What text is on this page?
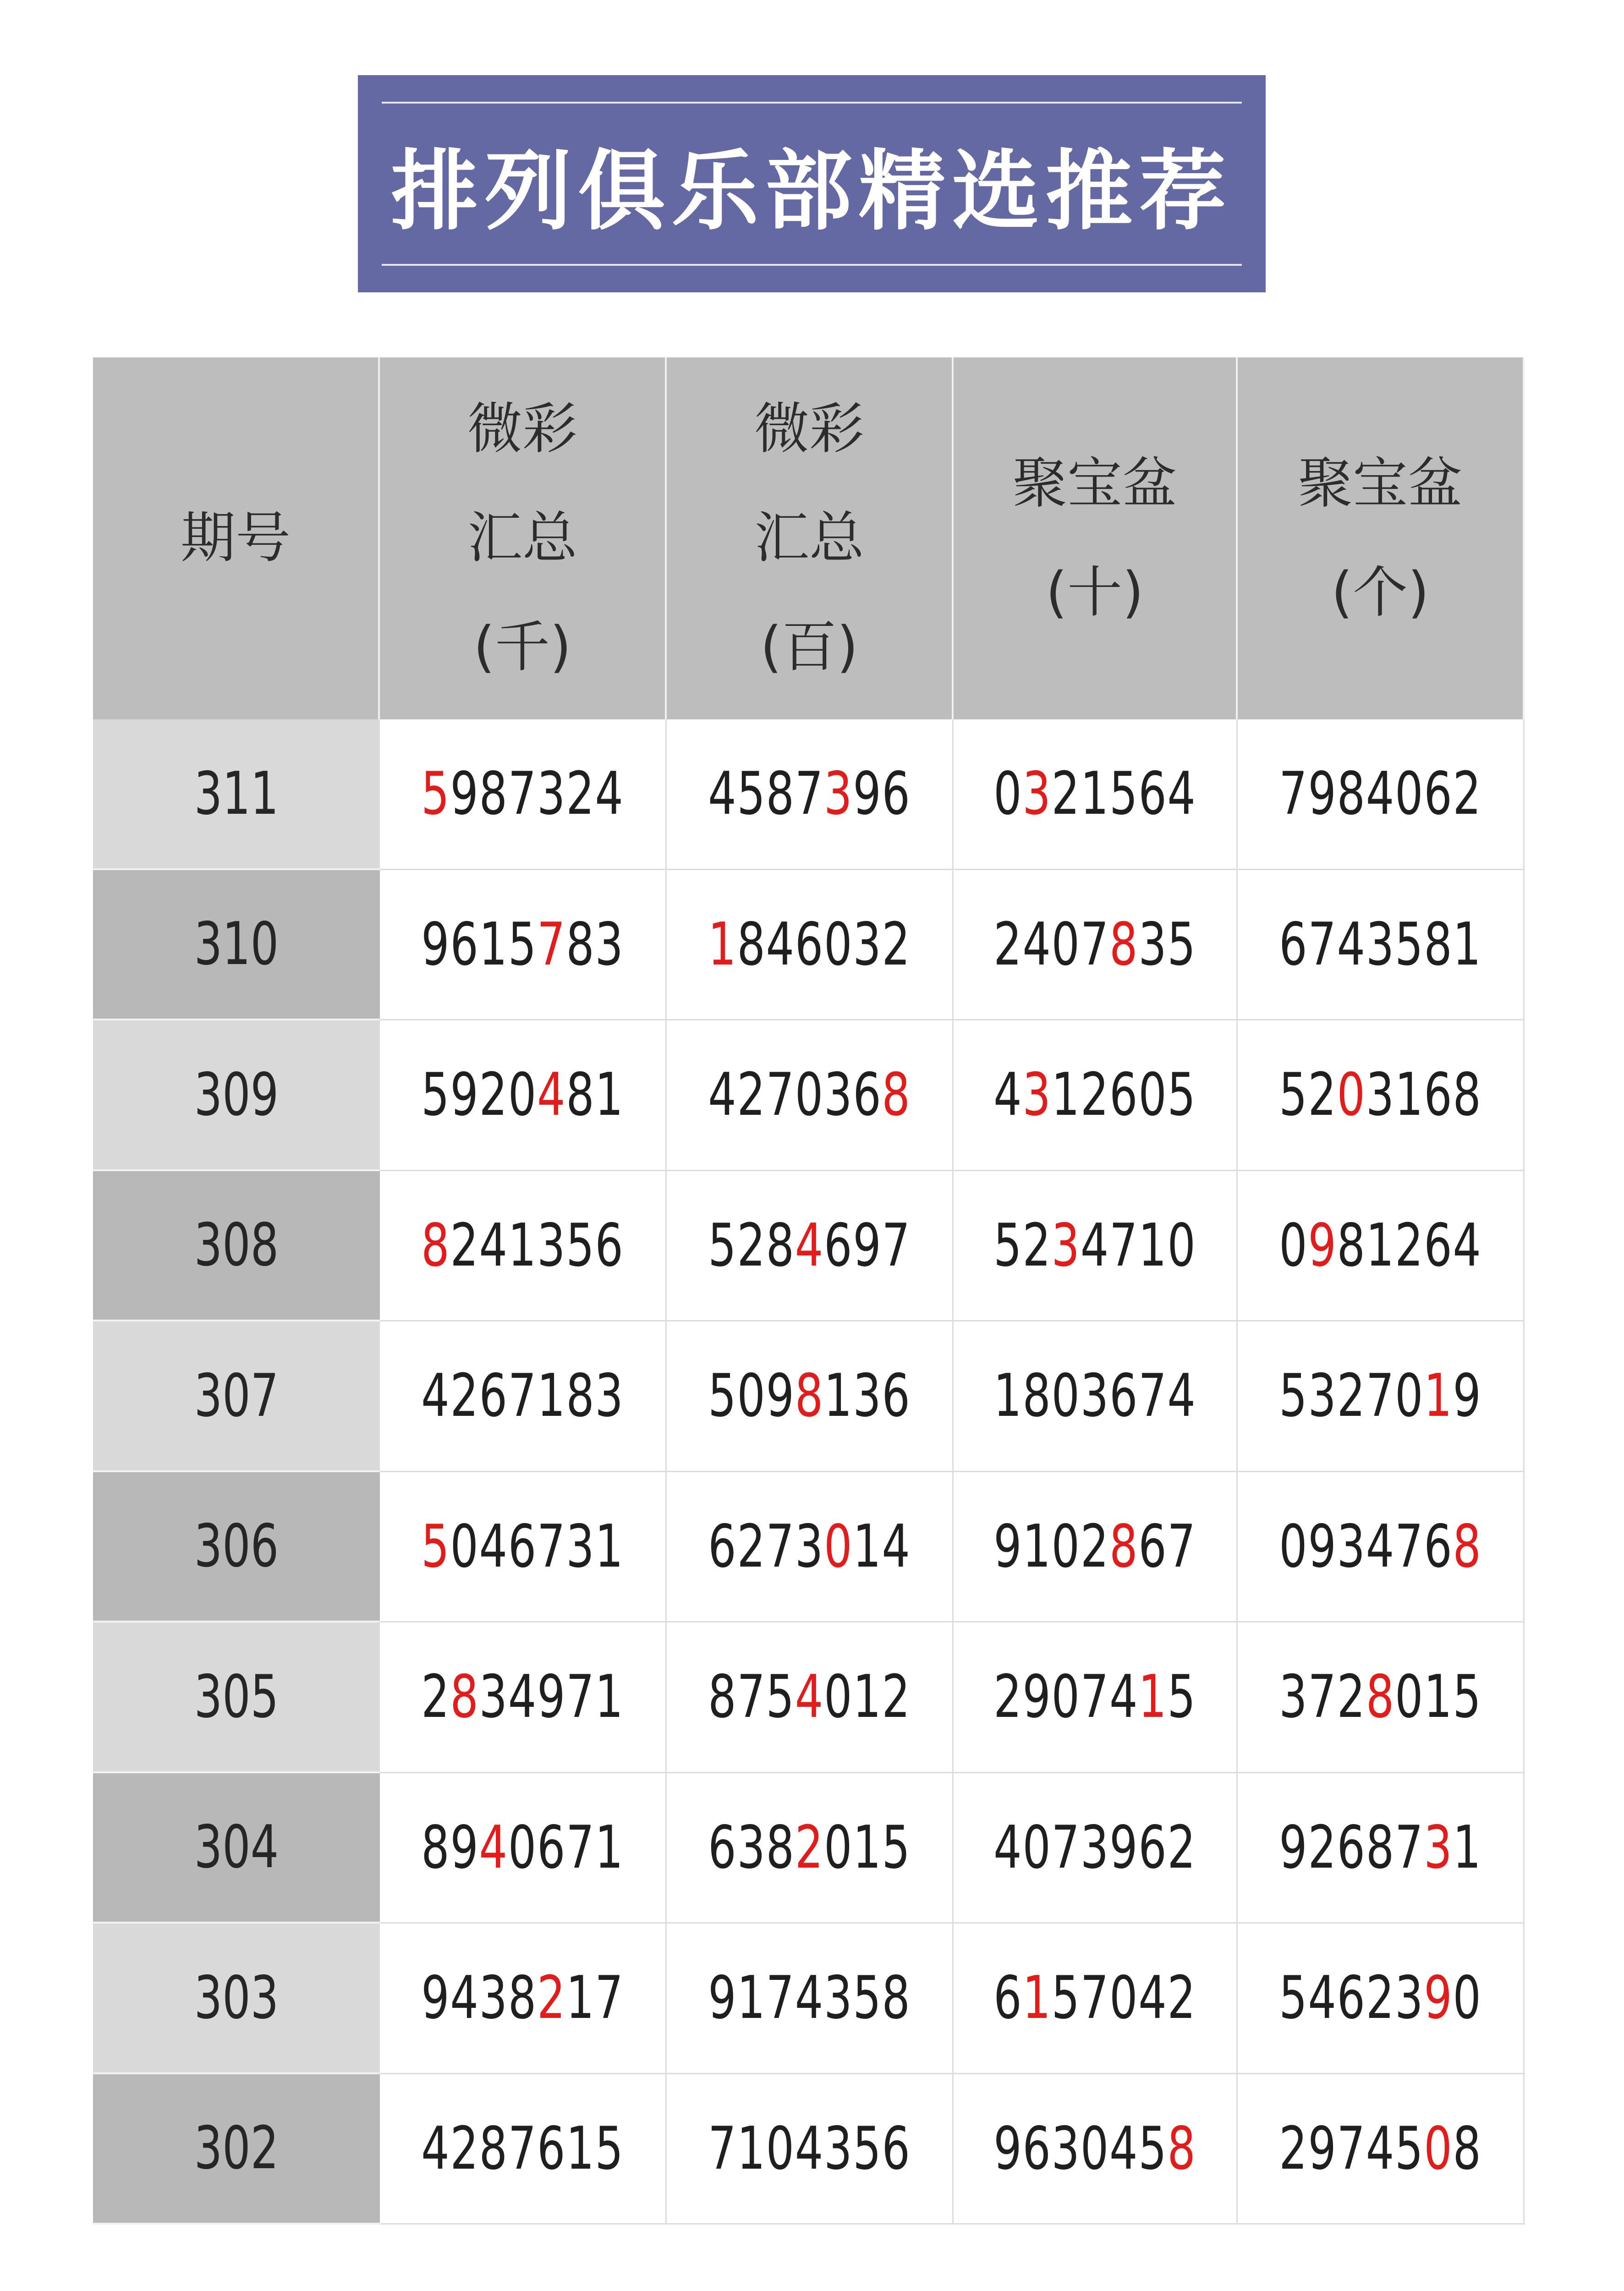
排列俱乐部精选推荐
期号
微彩
汇总
(千)
微彩
汇总
(百)
聚宝盆
(十)
聚宝盆
(个)
311 5987324 4587396 0321564 7984062
310 9615783 1846032 2407835 6743581
309 5920481 4270368 4312605 5203168
308 8241356 5284697 5234710 0981264
307 4267183 5098136 1803674 5327019
306 5046731 6273014 9102867 0934768
305 2834971 8754012 2907415 3728015
304 8940671 6382015 4073962 9268731
303 9438217 9174358 6157042 5462390
302 4287615 7104356 9630458 2974508
